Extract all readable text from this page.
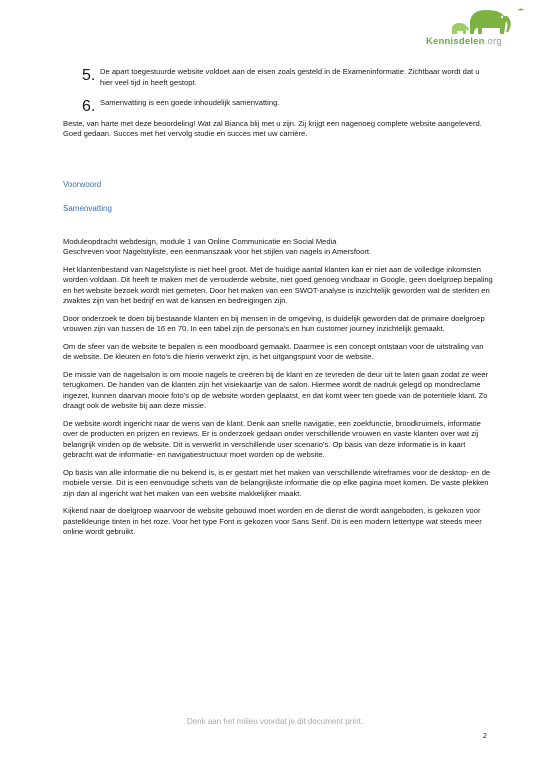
Kennisdelen.org
5. De apart toegestuurde website voldoet aan de eisen zoals gesteld in de Exameninformatie. Zichtbaar wordt dat u hier veel tijd in heeft gestopt.

6. Samenvatting is een goede inhoudelijk samenvatting.

Beste, van harte met deze beoordeling! Wat zal Bianca blij met u zijn. Zij krijgt een nagenoeg complete website aangeleverd. Goed gedaan. Succes met het vervolg studie en succes met uw carrière.

Voorwoord

Samenvatting

Moduleopdracht webdesign, module 1 van Online Communicatie en Social Media

Geschreven voor Nagelstyliste, een eenmanszaak voor het stijlen van nagels in Amersfoort.

Het klantenbestand van Nagelstyliste is niet heel groot. Met de huidige aantal klanten kan er niet aan de volledige inkomsten worden voldaan. Dit heeft te maken met de verouderde website, niet goed genoeg vindbaar in Google, geen doelgroep bepaling en het website bezoek wordt niet gemeten. Door het maken van een SWOT-analyse is inzichtelijk geworden wat de sterkten en zwaktes zijn van het bedrijf en wat de kansen en bedreigingen zijn.

Door onderzoek te doen bij bestaande klanten en bij mensen in de omgeving, is duidelijk geworden dat de primaire doelgroep vrouwen zijn van tussen de 16 en 70. In een tabel zijn de persona's en hun customer journey inzichtelijk gemaakt.

Om de sfeer van de website te bepalen is een moodboard gemaakt. Daarmee is een concept ontstaan voor de uitstraling van de website. De kleuren en foto's die hierin verwerkt zijn, is het uitgangspunt voor de website.

De missie van de nagelsalon is om mooie nagels te creëren bij de klant en ze tevreden de deur uit te laten gaan zodat ze weer terugkomen. De handen van de klanten zijn het visiekaartje van de salon. Hiermee wordt de nadruk gelegd op mondreclame ingezet, kunnen daarvan mooie foto's op de website worden geplaatst, en dat komt weer ten goede van de potentiele klant. Zo draagt ook de website bij aan deze missie.

De website wordt ingericht naar de wens van de klant. Denk aan snelle navigatie, een zoekfunctie, broodkruimels, informatie over de producten en prijzen en reviews. Er is onderzoek gedaan onder verschillende vrouwen en vaste klanten over wat zij belangrijk vinden op de website. Dit is verwerkt in verschillende user scenario's. Op basis van deze informatie is in kaart gebracht wat de informatie- en navigatiestructuur moet worden op de website.

Op basis van alle informatie die nu bekend is, is er gestart met het maken van verschillende wireframes voor de desktop- en de mobiele versie. Dit is een eenvoudige schets van de belangrijkste informatie die op elke pagina moet komen. De vaste plekken zijn dan al ingericht wat het maken van een website makkelijker maakt.

Kijkend naar de doelgroep waarvoor de website gebouwd moet worden en de dienst die wordt aangeboden, is gekozen voor pastelkleurige tinten in het roze. Voor het type Font is gekozen voor Sans Serif. Dit is een modern lettertype wat steeds meer online wordt gebruikt.

Denk aan het milieu voordat je dit document print.
2
